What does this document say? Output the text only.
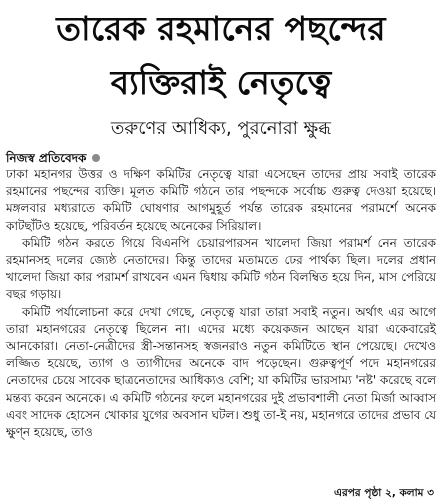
তারেক রহমানের পছন্দের
ব্যক্তিরাই নেতৃত্বে
তরুণের আধিক্য, পুরনোরা ক্ষুব্ধ
নিজস্ব প্রতিবেদক

ঢাকা মহানগর উত্তর ও দক্ষিণ কমিটির নেতৃত্বে যারা এসেছেন তাদের প্রায় সবাই তারেক রহমানের পছন্দের ব্যক্তি। মূলত কমিটি গঠনে তার পছন্দকে সর্বোচ্চ গুরুত্ব দেওয়া হয়েছে। মঙ্গলবার মধ্যরাতে কমিটি ঘোষণার আগমুহূর্ত পর্যন্ত তারেক রহমানের পরামর্শে অনেক কাটছাঁটও হয়েছে, পরিবর্তন হয়েছে অনেকের সিরিয়াল।

কমিটি গঠন করতে গিয়ে বিএনপি চেয়ারপারসন খালেদা জিয়া পরামর্শ নেন তারেক রহমানসহ দলের জ্যেষ্ঠ নেতাদের। কিন্তু তাদের মতামতে ঢের পার্থক্য ছিল। দলের প্রধান খালেদা জিয়া কার পরামর্শ রাখবেন এমন দ্বিধায় কমিটি গঠন বিলম্বিত হয়ে দিন, মাস পেরিয়ে বছর গড়ায়।

কমিটি পর্যালোচনা করে দেখা গেছে, নেতৃত্বে যারা তারা সবাই নতুন। অর্থাৎ এর আগে তারা মহানগরের নেতৃত্বে ছিলেন না। এদের মধ্যে কয়েকজন আছেন যারা একেবারেই আনকোরা। নেতা-নেত্রীদের স্ত্রী-সন্তানসহ স্বজনরাও নতুন কমিটিতে স্থান পেয়েছে। দেখেও লজ্জিত হয়েছে, ত্যাগ ও ত্যাগীদের অনেকে বাদ পড়েছেন। গুরুত্বপূর্ণ পদে মহানগরের নেতাদের চেয়ে সাবেক ছাত্রনেতাদের আধিক্যও বেশি; যা কমিটির ভারসাম্য 'নষ্ট' করেছে বলে মন্তব্য করেন অনেকে। এ কমিটি গঠনের ফলে মহানগরের দুই প্রভাবশালী নেতা মির্জা আব্বাস এবং সাদেক হোসেন খোকার যুগের অবসান ঘটল। শুধু তা-ই নয়, মহানগরে তাদের প্রভাব যে ক্ষুণ্ন হয়েছে, তাও

এরপর পৃষ্ঠা ২, কলাম ৩
